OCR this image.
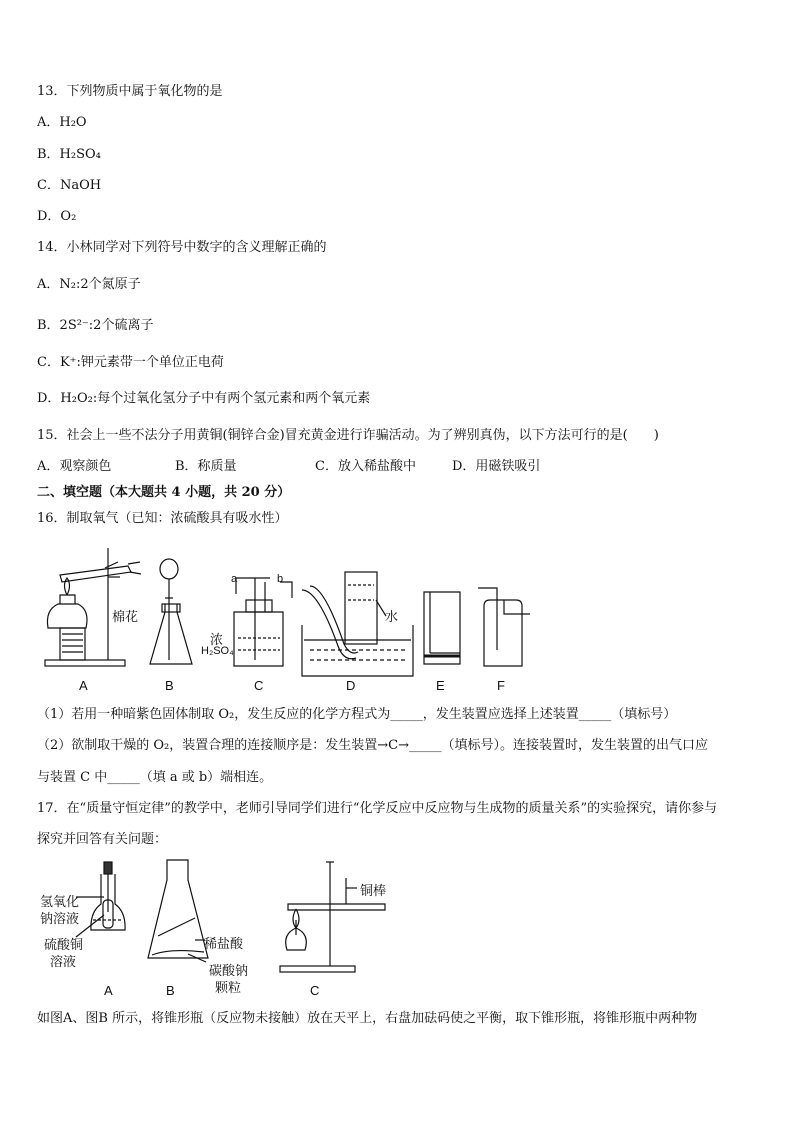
13．下列物质中属于氧化物的是
A．H₂O
B．H₂SO₄
C．NaOH
D．O₂
14．小林同学对下列符号中数字的含义理解正确的
A．N₂:2个氮原子
B．2S²⁻:2个硫离子
C．K⁺:钾元素带一个单位正电荷
D．H₂O₂:每个过氧化氢分子中有两个氢元素和两个氧元素
15．社会上一些不法分子用黄铜(铜锌合金)冒充黄金进行诈骗活动。为了辨别真伪，以下方法可行的是(　　)
A．观察颜色	B．称质量	C．放入稀盐酸中	D．用磁铁吸引
二、填空题（本大题共 4 小题，共 20 分）
16．制取氧气（已知：浓硫酸具有吸水性）
棉花
a	b
浓
H₂SO₄
水
A	B	C	D	E	F
（1）若用一种暗紫色固体制取 O₂，发生反应的化学方程式为_____，发生装置应选择上述装置_____（填标号）
（2）欲制取干燥的 O₂，装置合理的连接顺序是：发生装置→C→_____（填标号）。连接装置时，发生装置的出气口应
与装置 C 中_____（填 a 或 b）端相连。
17．在“质量守恒定律”的教学中，老师引导同学们进行“化学反应中反应物与生成物的质量关系”的实验探究，请你参与
探究并回答有关问题：
氢氧化
钠溶液
硫酸铜
溶液
稀盐酸
碳酸钠
颗粒
铜棒
A	B	C
如图A、图B 所示，将锥形瓶（反应物未接触）放在天平上，右盘加砝码使之平衡，取下锥形瓶，将锥形瓶中两种物
